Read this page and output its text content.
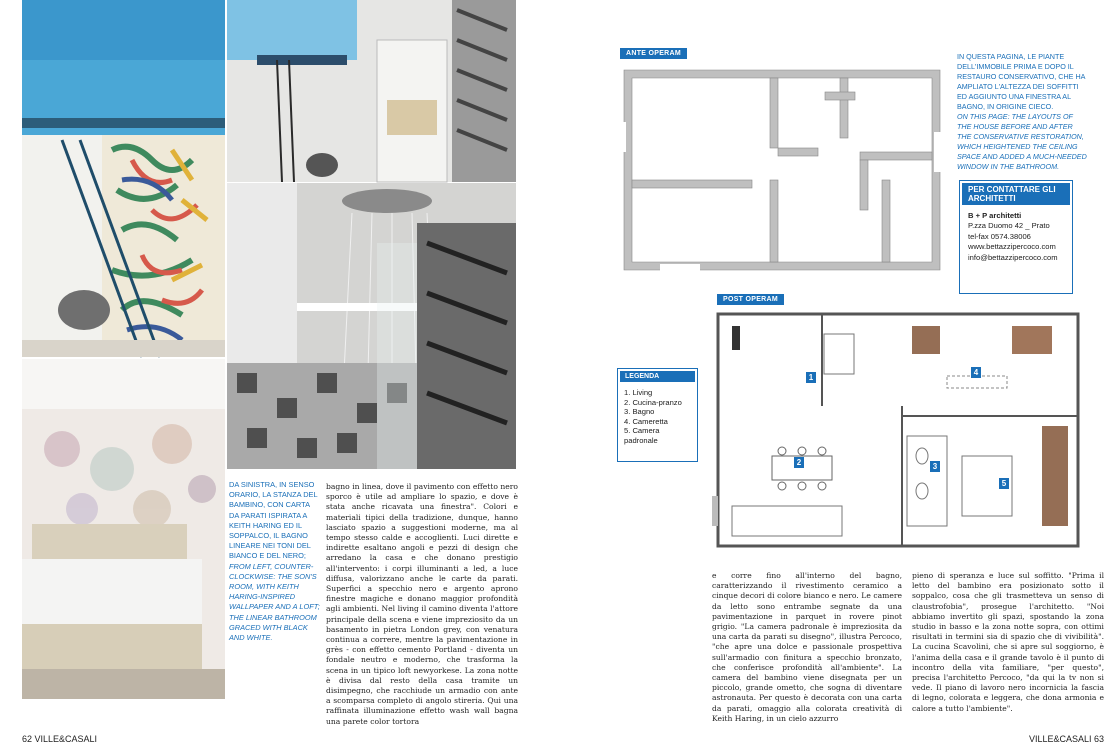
DA SINISTRA, IN SENSO ORARIO, LA STANZA DEL BAMBINO, CON CARTA DA PARATI ISPIRATA A KEITH HARING ED IL SOPPALCO, IL BAGNO LINEARE NEI TONI DEL BIANCO E DEL NERO; FROM LEFT, COUNTER-CLOCKWISE: THE SON'S ROOM, WITH KEITH HARING-INSPIRED WALLPAPER AND A LOFT; THE LINEAR BATHROOM GRACED WITH BLACK AND WHITE.
bagno in linea, dove il pavimento con effetto nero sporco è utile ad ampliare lo spazio, e dove è stata anche ricavata una finestra". Colori e materiali tipici della tradizione, dunque, hanno lasciato spazio a suggestioni moderne, ma al tempo stesso calde e accoglienti. Luci dirette e indirette esaltano angoli e pezzi di design che arredano la casa e che donano prestigio all'intervento: i corpi illuminanti a led, a luce diffusa, valorizzano anche le carte da parati. Superfici a specchio nero e argento aprono finestre magiche e donano maggior profondità agli ambienti. Nel living il camino diventa l'attore principale della scena e viene impreziosito da un basamento in pietra London grey, con venatura continua a correre, mentre la pavimentazione in grès - con effetto cemento Portland - diventa un fondale neutro e moderno, che trasforma la scena in un tipico loft newyorkese. La zona notte è divisa dal resto della casa tramite un disimpegno, che racchiude un armadio con ante a scomparsa completo di angolo stireria. Qui una raffinata illuminazione effetto wash wall bagna una parete color tortora
62 VILLE&CASALI
ANTE OPERAM	IN QUESTA PAGINA, LE PIANTE DELL'IMMOBILE PRIMA E DOPO IL RESTAURO CONSERVATIVO, CHE HA AMPLIATO L'ALTEZZA DEI SOFFITTI ED AGGIUNTO UNA FINESTRA AL BAGNO, IN ORIGINE CIECO.
ON THIS PAGE: THE LAYOUTS OF THE HOUSE BEFORE AND AFTER THE CONSERVATIVE RESTORATION, WHICH HEIGHTENED THE CEILING SPACE AND ADDED A MUCH-NEEDED WINDOW IN THE BATHROOM.
PER CONTATTARE GLI ARCHITETTI
B + P architetti
P.zza Duomo 42 _ Prato
tel-fax 0574.38006
www.bettazzipercoco.com
info@bettazzipercoco.com
POST OPERAM
1
2	3
4
5
LEGENDA
1. Living
2. Cucina-pranzo
3. Bagno
4. Cameretta
5. Camera padronale
e corre fino all'interno del bagno, caratterizzando il rivestimento ceramico a cinque decori di colore bianco e nero. Le camere da letto sono entrambe segnate da una pavimentazione in parquet in rovere pinot grigio. "La camera padronale è impreziosita da una carta da parati su disegno", illustra Percoco, "che apre una dolce e passionale prospettiva sull'armadio con finitura a specchio bronzato, che conferisce profondità all'ambiente". La camera del bambino viene disegnata per un piccolo, grande ometto, che sogna di diventare astronauta. Per questo è decorata con una carta da parati, omaggio alla colorata creatività di Keith Haring, in un cielo azzurro
pieno di speranza e luce sul soffitto. "Prima il letto del bambino era posizionato sotto il soppalco, cosa che gli trasmetteva un senso di claustrofobia", prosegue l'architetto. "Noi abbiamo invertito gli spazi, spostando la zona studio in basso e la zona notte sopra, con ottimi risultati in termini sia di spazio che di vivibilità". La cucina Scavolini, che si apre sul soggiorno, è l'anima della casa e il grande tavolo è il punto di incontro della vita familiare, "per questo", precisa l'architetto Percoco, "da qui la tv non si vede. Il piano di lavoro nero incornicia la fascia di legno, colorata e leggera, che dona armonia e calore a tutto l'ambiente".
VILLE&CASALI 63
